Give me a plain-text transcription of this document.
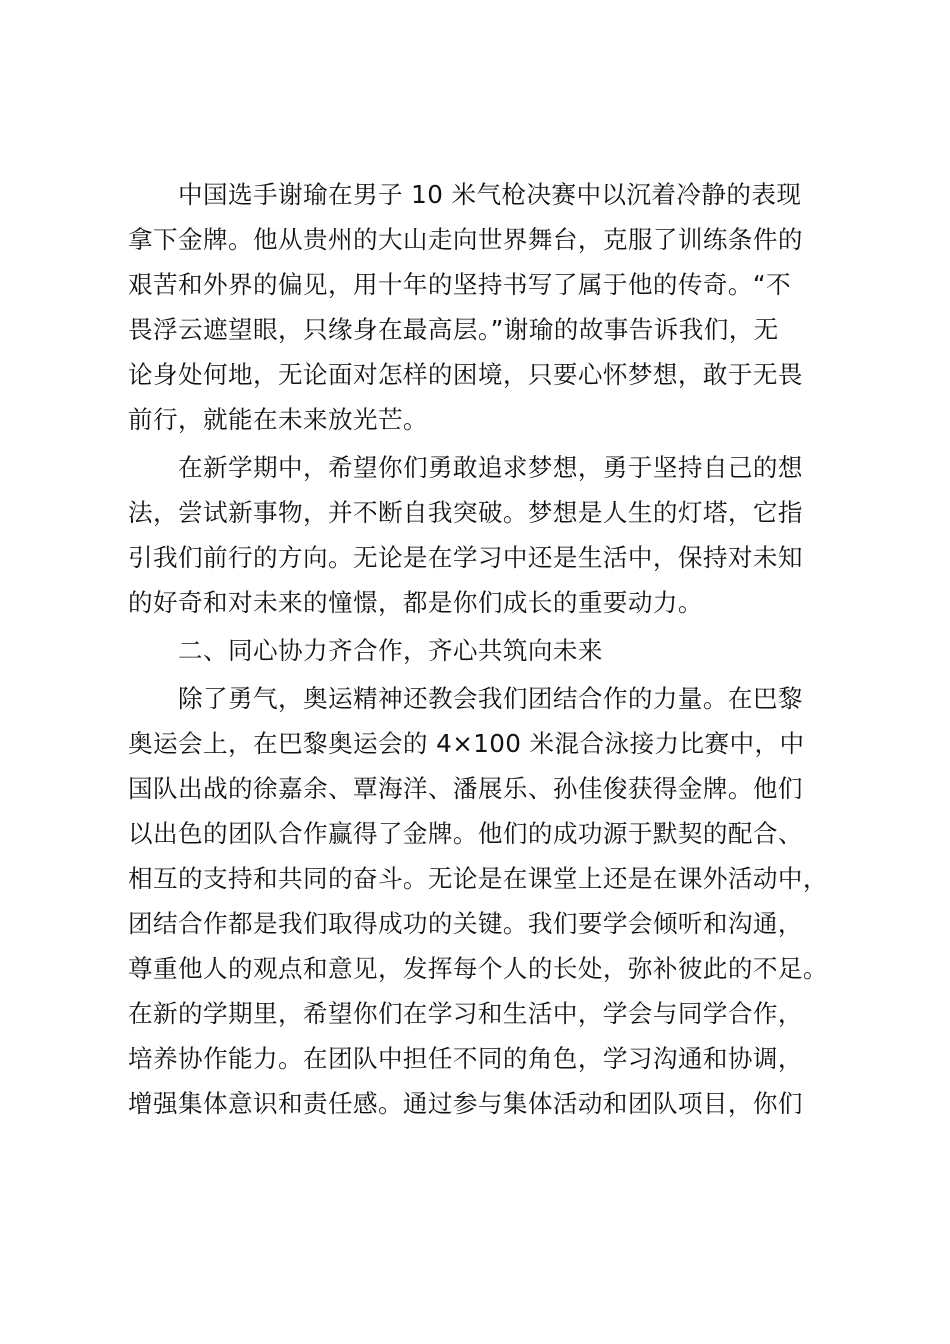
中国选手谢瑜在男子 10 米气枪决赛中以沉着冷静的表现
拿下金牌。他从贵州的大山走向世界舞台，克服了训练条件的
艰苦和外界的偏见，用十年的坚持书写了属于他的传奇。“不
畏浮云遮望眼，只缘身在最高层。”谢瑜的故事告诉我们，无
论身处何地，无论面对怎样的困境，只要心怀梦想，敢于无畏
前行，就能在未来放光芒。

在新学期中，希望你们勇敢追求梦想，勇于坚持自己的想
法，尝试新事物，并不断自我突破。梦想是人生的灯塔，它指
引我们前行的方向。无论是在学习中还是生活中，保持对未知
的好奇和对未来的憧憬，都是你们成长的重要动力。

二、同心协力齐合作，齐心共筑向未来

除了勇气，奥运精神还教会我们团结合作的力量。在巴黎
奥运会上，在巴黎奥运会的 4×100 米混合泳接力比赛中，中
国队出战的徐嘉余、覃海洋、潘展乐、孙佳俊获得金牌。他们
以出色的团队合作赢得了金牌。他们的成功源于默契的配合、
相互的支持和共同的奋斗。无论是在课堂上还是在课外活动中，
团结合作都是我们取得成功的关键。我们要学会倾听和沟通，
尊重他人的观点和意见，发挥每个人的长处，弥补彼此的不足。
在新的学期里，希望你们在学习和生活中，学会与同学合作，
培养协作能力。在团队中担任不同的角色，学习沟通和协调，
增强集体意识和责任感。通过参与集体活动和团队项目，你们
